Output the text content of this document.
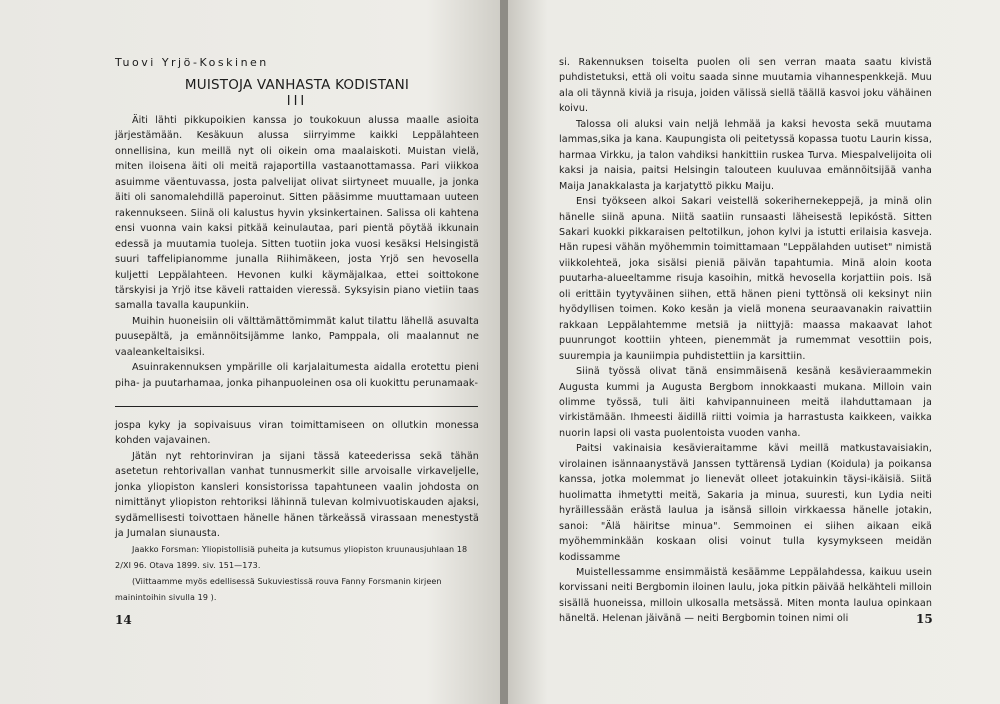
Tuovi Yrjö-Koskinen
MUISTOJA VANHASTA KODISTANI
III

Äiti lähti pikkupoikien kanssa jo toukokuun alussa maalle asioita järjestämään. Kesäkuun alussa siirryimme kaikki Leppälahteen onnellisina, kun meillä nyt oli oikein oma maalaiskoti. Muistan vielä, miten iloisena äiti oli meitä rajaportilla vastaanottamassa. Pari viikkoa asuimme väentuvassa, josta palvelijat olivat siirtyneet muualle, ja jonka äiti oli sanomalehdillä paperoinut. Sitten pääsimme muuttamaan uuteen rakennukseen. Siinä oli kalustus hyvin yksinkertainen. Salissa oli kahtena ensi vuonna vain kaksi pitkää keinulautaa, pari pientä pöytää ikkunain edessä ja muutamia tuoleja. Sitten tuotiin joka vuosi kesäksi Helsingistä suuri taffelipianomme junalla Riihimäkeen, josta Yrjö sen hevosella kuljetti Leppälahteen. Hevonen kulki käymäjalkaa, ettei soittokone tärskyisi ja Yrjö itse käveli rattaiden vieressä. Syksyisin piano vietiin taas samalla tavalla kaupunkiin.

Muihin huoneisiin oli välttämättömimmät kalut tilattu lähellä asuvalta puusepältä, ja emännöitsijämme lanko, Pamppala, oli maalannut ne vaaleankeltaisiksi.

Asuinrakennuksen ympärille oli karjalaitumesta aidalla erotettu pieni piha- ja puutarhamaa, jonka pihanpuoleinen osa oli kuokittu perunamaak-

jospa kyky ja sopivaisuus viran toimittamiseen on ollutkin monessa kohden vajavainen.

Jätän nyt rehtorinviran ja sijani tässä kateederissa sekä tähän asetetun rehtorivallan vanhat tunnusmerkit sille arvoisalle virkaveljelle, jonka yliopiston kansleri konsistorissa tapahtuneen vaalin johdosta on nimittänyt yliopiston rehtoriksi lähinnä tulevan kolmivuotiskauden ajaksi, sydämellisesti toivottaen hänelle hänen tärkeässä virassaan menestystä ja Jumalan siunausta.

Jaakko Forsman: Yliopistollisiä puheita ja kutsumus yliopiston kruunausjuhlaan 18 2/XI 96. Otava 1899. siv. 151—173.

(Viittaamme myös edellisessä Sukuviestissä rouva Fanny Forsmanin kirjeen mainintoihin sivulla 19 ).

14

si. Rakennuksen toiselta puolen oli sen verran maata saatu kivistä puhdistetuksi, että oli voitu saada sinne muutamia vihannespenkkejä. Muu ala oli täynnä kiviä ja risuja, joiden välissä siellä täällä kasvoi joku vähäinen koivu.

Talossa oli aluksi vain neljä lehmää ja kaksi hevosta sekä muutama lammas,sika ja kana. Kaupungista oli peitetyssä kopassa tuotu Laurin kissa, harmaa Virkku, ja talon vahdiksi hankittiin ruskea Turva. Miespalvelijoita oli kaksi ja naisia, paitsi Helsingin talouteen kuuluvaa emännöitsijää vanha Maija Janakkalasta ja karjatyttö pikku Maiju.

Ensi työkseen alkoi Sakari veistellä sokerihernekeppejä, ja minä olin hänelle siinä apuna. Niitä saatiin runsaasti läheisestä lepikóstä. Sitten Sakari kuokki pikkaraisen peltotilkun, johon kylvi ja istutti erilaisia kasveja. Hän rupesi vähän myöhemmin toimittamaan "Leppälahden uutiset" nimistä viikkolehteä, joka sisälsi pieniä päivän tapahtumia. Minä aloin koota puutarha-alueeltamme risuja kasoihin, mitkä hevosella korjattiin pois. Isä oli erittäin tyytyväinen siihen, että hänen pieni tyttönsä oli keksinyt niin hyödyllisen toimen. Koko kesän ja vielä monena seuraavanakin raivattiin rakkaan Leppälahtemme metsiä ja niittyjä: maassa makaavat lahot puunrungot koottiin yhteen, pienemmät ja rumemmat vesottiin pois, suurempia ja kauniimpia puhdistettiin ja karsittiin.

Siinä työssä olivat tänä ensimmäisenä kesänä kesävieraammekin Augusta kummi ja Augusta Bergbom innokkaasti mukana. Milloin vain olimme työssä, tuli äiti kahvipannuineen meitä ilahduttamaan ja virkistämään. Ihmeesti äidillä riitti voimia ja harrastusta kaikkeen, vaikka nuorin lapsi oli vasta puolentoista vuoden vanha.

Paitsi vakinaisia kesävieraitamme kävi meillä matkustavaisiakin, virolainen isännaanystävä Janssen tyttärensä Lydian (Koidula) ja poikansa kanssa, jotka molemmat jo lienevät olleet jotakuinkin täysi-ikäisiä. Siitä huolimatta ihmetytti meitä, Sakaria ja minua, suuresti, kun Lydia neiti hyräillessään erästä laulua ja isänsä silloin virkkaessa hänelle jotakin, sanoi: "Älä häiritse minua". Semmoinen ei siihen aikaan eikä myöhemminkään koskaan olisi voinut tulla kysymykseen meidän kodissamme

Muistellessamme ensimmäistä kesäämme Leppälahdessa, kaikuu usein korvissani neiti Bergbomin iloinen laulu, joka pitkin päivää helkähteli milloin sisällä huoneissa, milloin ulkosalla metsässä. Miten monta laulua opinkaan häneltä. Helenan jäivänä — neiti Bergbomin toinen nimi oli	15
